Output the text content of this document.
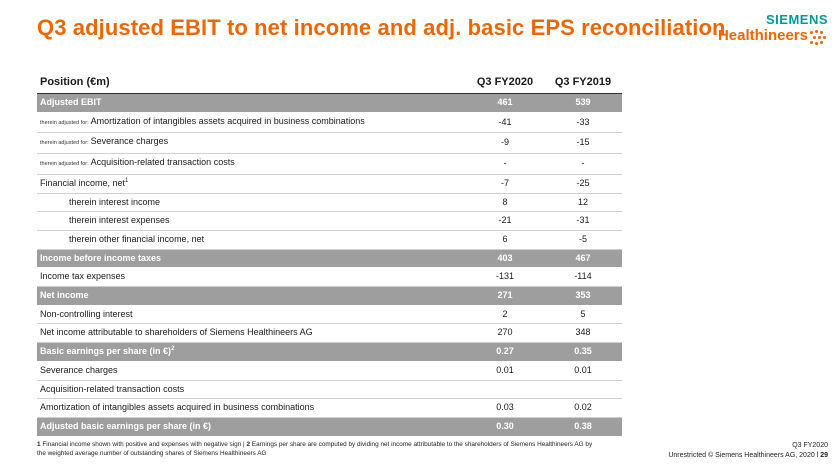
Q3 adjusted EBIT to net income and adj. basic EPS reconciliation	SIEMENS
Healthineers
Position (€m)	Q3 FY2020	Q3 FY2019
Adjusted EBIT	461	539
therein adjusted for: Amortization of intangibles assets acquired in business combinations	-41	-33
therein adjusted for: Severance charges	-9	-15
therein adjusted for: Acquisition-related transaction costs	-	-
Financial income, net$^1$	-7	-25
therein interest income	8	12
therein interest expenses	-21	-31
therein other financial income, net	6	-5
Income before income taxes	403	467
Income tax expenses	-131	-114
Net income	271	353
Non-controlling interest	2	5
Net income attributable to shareholders of Siemens Healthineers AG	270	348
Basic earnings per share (in €)$^2$	0.27	0.35
Severance charges	0.01	0.01
Acquisition-related transaction costs		
Amortization of intangibles assets acquired in business combinations	0.03	0.02
Adjusted basic earnings per share (in €)	0.30	0.38
1 Financial income shown with positive and expenses with negative sign | 2 Earnings per share are computed by dividing net income attributable to the shareholders of Siemens Healthineers AG by the weighted average number of outstanding shares of Siemens Healthineers AG
Q3 FY2020
Unrestricted © Siemens Healthineers AG, 2020 l 29
